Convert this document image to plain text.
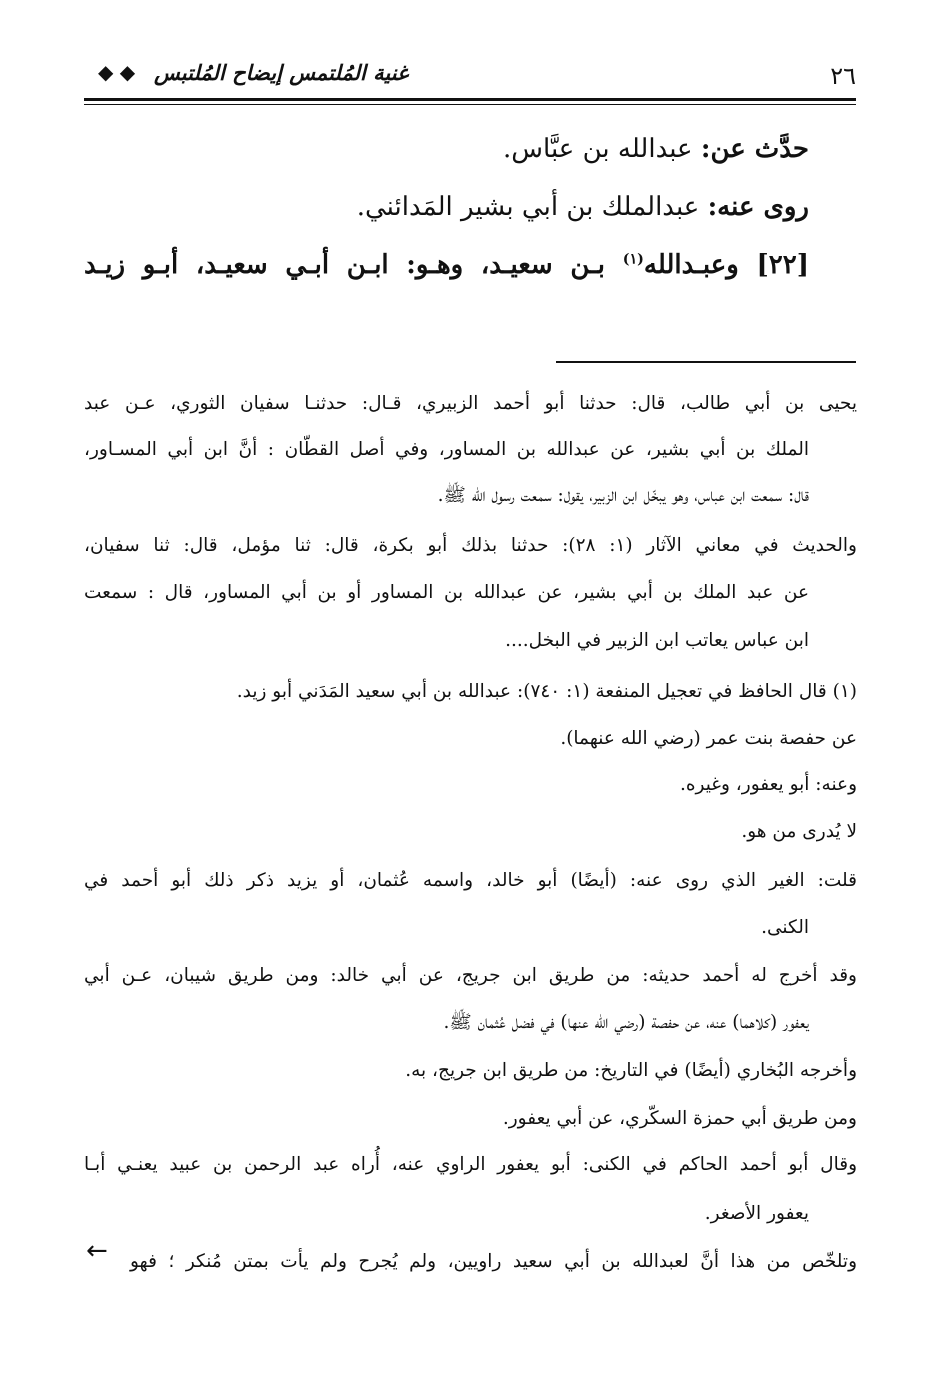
٢٦
◆ ◆ غنية المُلتمس إيضاح المُلتبس
حدَّث عن: عبدالله بن عبَّاس.
روى عنه: عبدالملك بن أبي بشير المَدائني.
[٢٢] وعبـدالله$^{(١)}$ بـن سعيـد، وهـو: ابـن أبـي سعيـد، أبـو زيـد
يحيى بن أبي طالب، قال: حدثنا أبو أحمد الزبيري، قـال: حدثنـا سفيان الثوري، عـن عبد
الملك بن أبي بشير، عن عبدالله بن المساور، وفي أصل القطّان : أنَّ ابن أبي المسـاور،
قال: سمعت ابن عباس، وهو يبخّل ابن الزبير، يقول: سمعت رسول الله ﷺ.
والحديث في معاني الآثار (١: ٢٨): حدثنا بذلك أبو بكرة، قال: ثنا مؤمل، قال: ثنا سفيان،
عن عبد الملك بن أبي بشير، عن عبدالله بن المساور أو بن أبي المساور، قال : سمعت
ابن عباس يعاتب ابن الزبير في البخل....
(١) قال الحافظ في تعجيل المنفعة (١: ٧٤٠): عبدالله بن أبي سعيد المَدَني أبو زيد.
عن حفصة بنت عمر (رضي الله عنهما).
وعنه: أبو يعفور، وغيره.
لا يُدرى من هو.
قلت: الغير الذي روى عنه: (أيضًا) أبو خالد، واسمه عُثمان، أو يزيد ذكر ذلك أبو أحمد في
الكنى.
وقد أخرج له أحمد حديثه: من طريق ابن جريج، عن أبي خالد: ومن طريق شيبان، عـن أبي
يعفور (كلاهما) عنه، عن حفصة (رضي الله عنها) في فضل عُثمان ﷺ.
وأخرجه البُخاري (أيضًا) في التاريخ: من طريق ابن جريج، به.
ومن طريق أبي حمزة السكّري، عن أبي يعفور.
وقال أبو أحمد الحاكم في الكنى: أبو يعفور الراوي عنه، أُراه عبد الرحمن بن عبيد يعنـي أبـا
يعفور الأصغر.
وتلخّص من هذا أنَّ لعبدالله بن أبي سعيد راويين، ولم يُجرح ولم يأت بمتن مُنكر ؛ فهو
←
